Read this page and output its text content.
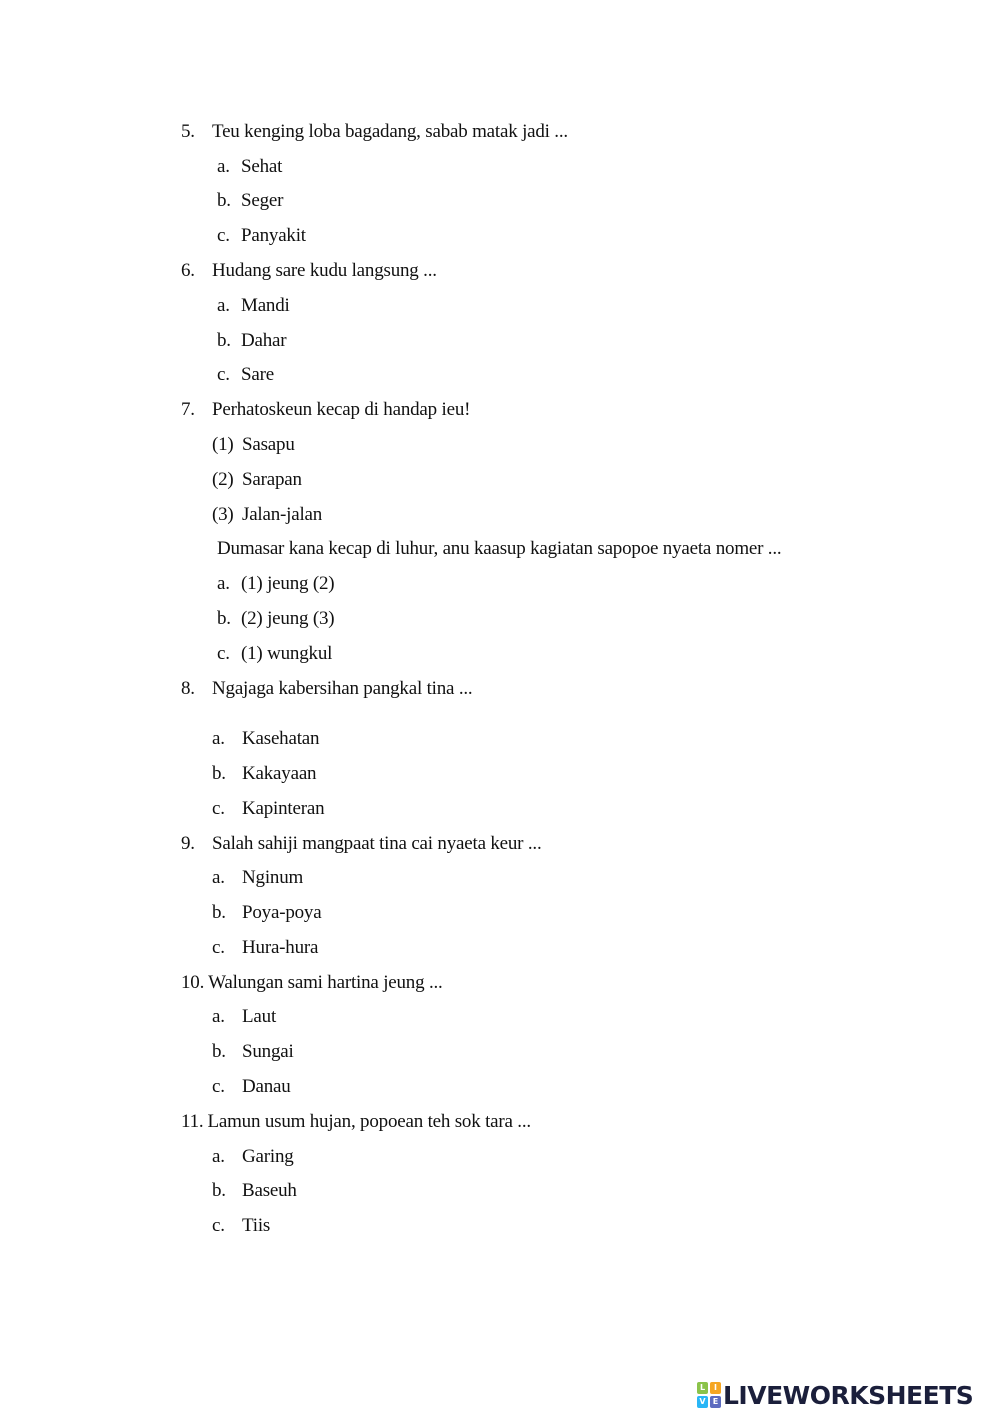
5. Teu kenging loba bagadang, sabab matak jadi ...
a. Sehat
b. Seger
c. Panyakit
6. Hudang sare kudu langsung ...
a. Mandi
b. Dahar
c. Sare
7. Perhatoskeun kecap di handap ieu!
(1) Sasapu
(2) Sarapan
(3) Jalan-jalan
Dumasar kana kecap di luhur, anu kaasup kagiatan sapopoe nyaeta nomer ...
a. (1) jeung (2)
b. (2) jeung (3)
c. (1) wungkul
8. Ngajaga kabersihan pangkal tina ...
a. Kasehatan
b. Kakayaan
c. Kapinteran
9. Salah sahiji mangpaat tina cai nyaeta keur ...
a. Nginum
b. Poya-poya
c. Hura-hura
10. Walungan sami hartina jeung ...
a. Laut
b. Sungai
c. Danau
11. Lamun usum hujan, popoean teh sok tara ...
a. Garing
b. Baseuh
c. Tiis
L	I
V E LIVEWORKSHEETS
